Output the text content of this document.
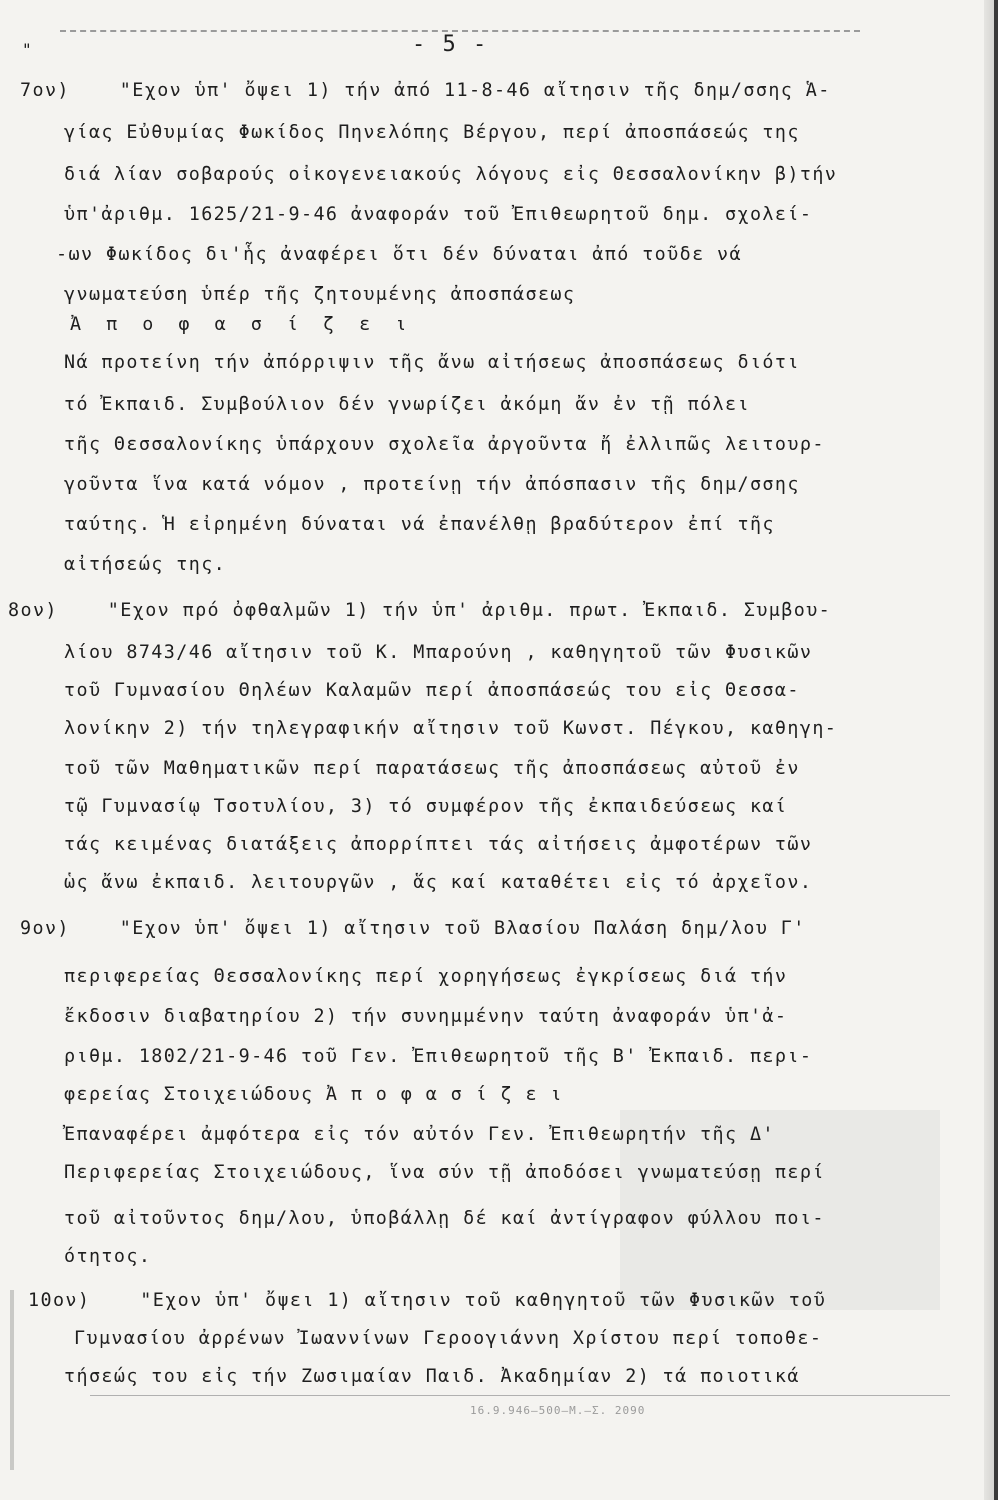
"	- 5 -
7ον)    "Εχον ὑπ' ὄψει 1) τήν ἀπό 11-8-46 αἴτησιν τῆς δημ/σσης Ἁ-
γίας Εὐθυμίας Φωκίδος Πηνελόπης Βέργου, περί ἀποσπάσεώς της
διά λίαν σοβαρούς οἰκογενειακούς λόγους εἰς Θεσσαλονίκην β)τήν
ὑπ'ἀριθμ. 1625/21-9-46 ἀναφοράν τοῦ Ἐπιθεωρητοῦ δημ. σχολεί-
-ων Φωκίδος δι'ἧς ἀναφέρει ὅτι δέν δύναται ἀπό τοῦδε νά
γνωματεύση ὑπέρ τῆς ζητουμένης ἀποσπάσεως
Ἀ π ο φ α σ ί ζ ε ι
Νά προτείνη τήν ἀπόρριψιν τῆς ἄνω αἰτήσεως ἀποσπάσεως διότι
τό Ἐκπαιδ. Συμβούλιον δέν γνωρίζει ἀκόμη ἄν ἐν τῇ πόλει
τῆς Θεσσαλονίκης ὑπάρχουν σχολεῖα ἀργοῦντα ἤ ἐλλιπῶς λειτουρ-
γοῦντα ἵνα κατά νόμον , προτείνῃ τήν ἀπόσπασιν τῆς δημ/σσης
ταύτης. Ἡ εἰρημένη δύναται νά ἐπανέλθῃ βραδύτερον ἐπί τῆς
αἰτήσεώς της.
8ον)    "Εχον πρό ὀφθαλμῶν 1) τήν ὑπ' ἀριθμ. πρωτ. Ἐκπαιδ. Συμβου-
λίου 8743/46 αἴτησιν τοῦ Κ. Μπαρούνη , καθηγητοῦ τῶν Φυσικῶν
τοῦ Γυμνασίου Θηλέων Καλαμῶν περί ἀποσπάσεώς του εἰς Θεσσα-
λονίκην 2) τήν τηλεγραφικήν αἴτησιν τοῦ Κωνστ. Πέγκου, καθηγη-
τοῦ τῶν Μαθηματικῶν περί παρατάσεως τῆς ἀποσπάσεως αὐτοῦ ἐν
τῷ Γυμνασίῳ Τσοτυλίου, 3) τό συμφέρον τῆς ἐκπαιδεύσεως καί
τάς κειμένας διατάξεις ἀπορρίπτει τάς αἰτήσεις ἀμφοτέρων τῶν
ὡς ἄνω ἐκπαιδ. λειτουργῶν , ἅς καί καταθέτει εἰς τό ἀρχεῖον.
9ον)    "Εχον ὑπ' ὄψει 1) αἴτησιν τοῦ Βλασίου Παλάση δημ/λου Γ'
περιφερείας Θεσσαλονίκης περί χορηγήσεως ἐγκρίσεως διά τήν
ἔκδοσιν διαβατηρίου 2) τήν συνημμένην ταύτη ἀναφοράν ὑπ'ἀ-
ριθμ. 1802/21-9-46 τοῦ Γεν. Ἐπιθεωρητοῦ τῆς Β' Ἐκπαιδ. περι-
φερείας Στοιχειώδους Ἀ π ο φ α σ ί ζ ε ι
Ἐπαναφέρει ἀμφότερα εἰς τόν αὐτόν Γεν. Ἐπιθεωρητήν τῆς Δ'
Περιφερείας Στοιχειώδους, ἵνα σύν τῇ ἀποδόσει γνωματεύσῃ περί
τοῦ αἰτοῦντος δημ/λου, ὑποβάλλῃ δέ καί ἀντίγραφον φύλλου ποι-
ότητος.
10ον)    "Εχον ὑπ' ὄψει 1) αἴτησιν τοῦ καθηγητοῦ τῶν Φυσικῶν τοῦ
Γυμνασίου ἀρρένων Ἰωαννίνων Γεροογιάννη Χρίστου περί τοποθε-
τήσεώς του εἰς τήν Ζωσιμαίαν Παιδ. Ἀκαδημίαν 2) τά ποιοτικά
16.9.946—500—M.—Σ. 2090
